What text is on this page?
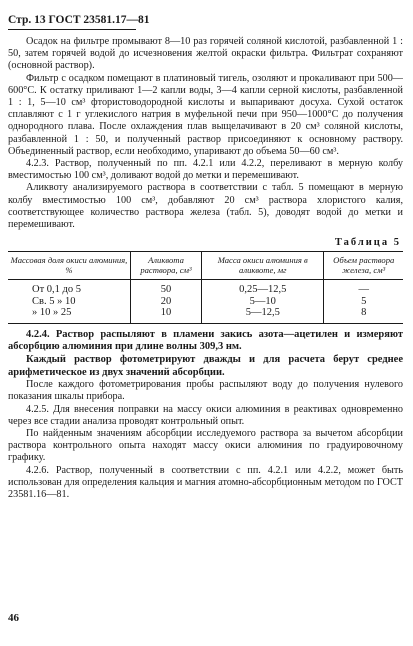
Стр. 13 ГОСТ 23581.17—81

Осадок на фильтре промывают 8—10 раз горячей соляной кислотой, разбавленной 1 : 50, затем горячей водой до исчезновения желтой окраски фильтра. Фильтрат сохраняют (основной раствор).

Фильтр с осадком помещают в платиновый тигель, озоляют и прокаливают при 500—600°С. К остатку приливают 1—2 капли воды, 3—4 капли серной кислоты, разбавленной 1 : 1, 5—10 см³ фтористоводородной кислоты и выпаривают досуха. Сухой остаток сплавляют с 1 г углекислого натрия в муфельной печи при 950—1000°С до получения однородного плава. После охлаждения плав выщелачивают в 20 см³ соляной кислоты, разбавленной 1 : 50, и полученный раствор присоединяют к основному раствору. Объединенный раствор, если необходимо, упаривают до объема 50—60 см³.

4.2.3. Раствор, полученный по пп. 4.2.1 или 4.2.2, переливают в мерную колбу вместимостью 100 см³, доливают водой до метки и перемешивают.

Аликвоту анализируемого раствора в соответствии с табл. 5 помещают в мерную колбу вместимостью 100 см³, добавляют 20 см³ раствора хлористого калия, соответствующее количество раствора железа (табл. 5), доводят водой до метки и перемешивают.

Таблица 5
Массовая доля окиси алюминия, %	Аликвота раствора, см³	Масса окиси алюминия в аликвоте, мг	Объем раствора железа, см³
От 0,1 до 5	50	0,25—12,5	—
Св. 5 » 10	20	5—10	5
» 10 » 25	10	5—12,5	8

4.2.4. Раствор распыляют в пламени закись азота—ацетилен и измеряют абсорбцию алюминия при длине волны 309,3 нм.

Каждый раствор фотометрируют дважды и для расчета берут среднее арифметическое из двух значений абсорбции.

После каждого фотометрирования пробы распыляют воду до получения нулевого показания шкалы прибора.

4.2.5. Для внесения поправки на массу окиси алюминия в реактивах одновременно через все стадии анализа проводят контрольный опыт.

По найденным значениям абсорбции исследуемого раствора за вычетом абсорбции раствора контрольного опыта находят массу окиси алюминия по градуировочному графику.

4.2.6. Раствор, полученный в соответствии с пп. 4.2.1 или 4.2.2, может быть использован для определения кальция и магния атомно-абсорбционным методом по ГОСТ 23581.16—81.

46
